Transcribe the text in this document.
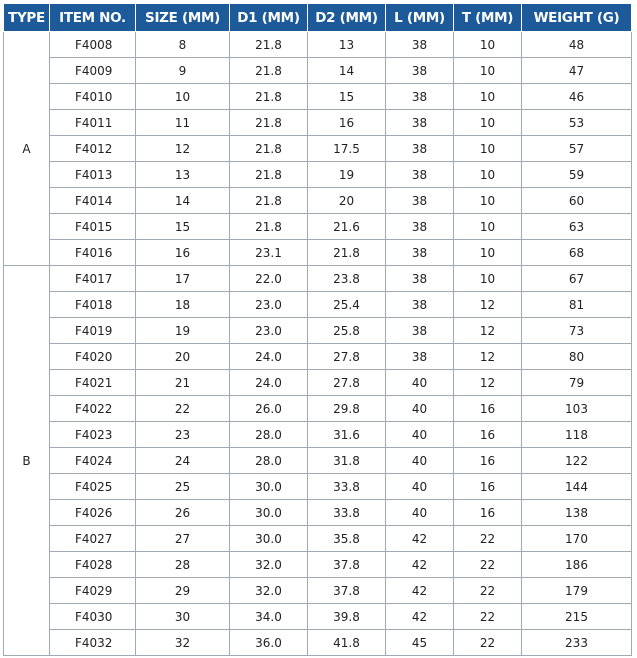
TYPE	ITEM NO.	SIZE (MM)	D1 (MM)	D2 (MM)	L (MM)	T (MM)	WEIGHT (G)
A	F4008	8	21.8	13	38	10	48
	F4009	9	21.8	14	38	10	47
	F4010	10	21.8	15	38	10	46
	F4011	11	21.8	16	38	10	53
	F4012	12	21.8	17.5	38	10	57
	F4013	13	21.8	19	38	10	59
	F4014	14	21.8	20	38	10	60
	F4015	15	21.8	21.6	38	10	63
	F4016	16	23.1	21.8	38	10	68
B	F4017	17	22.0	23.8	38	10	67
	F4018	18	23.0	25.4	38	12	81
	F4019	19	23.0	25.8	38	12	73
	F4020	20	24.0	27.8	38	12	80
	F4021	21	24.0	27.8	40	12	79
	F4022	22	26.0	29.8	40	16	103
	F4023	23	28.0	31.6	40	16	118
	F4024	24	28.0	31.8	40	16	122
	F4025	25	30.0	33.8	40	16	144
	F4026	26	30.0	33.8	40	16	138
	F4027	27	30.0	35.8	42	22	170
	F4028	28	32.0	37.8	42	22	186
	F4029	29	32.0	37.8	42	22	179
	F4030	30	34.0	39.8	42	22	215
	F4032	32	36.0	41.8	45	22	233
